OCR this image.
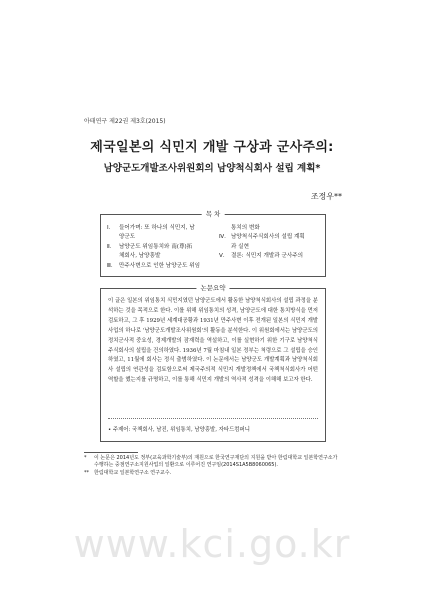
아태연구 제22권 제3호(2015)
제국일본의 식민지 개발 구상과 군사주의:
남양군도개발조사위원회의 남양척식회사 설립 계획*
조정우**
목 차
Ⅰ.	들어가며: 또 하나의 식민지, 남
양군도
Ⅱ.	남양군도 위임통치와 南(尊)拓
체회사, 남양흥발
Ⅲ.	만주사변으로 인한 남양군도 위임
통치의 변화
Ⅳ. 남양척식주식회사의 설립 계획
과 실현
Ⅴ.	결론: 식민지 개발과 군사주의
논문요약
이 글은 일본의 위임통치 식민지였던 남양군도에서 활동한 남양척식회사의 설립 과정을 분석하는 것을 목적으로 한다. 이를 위해 위임통치의 성격, 남양군도에 대한 통치방식을 먼저 검토하고, 그 후 1929년 세계대공황과 1931년 만주사변 이후 전개된 일본의 식민지 개발 사업의 하나로 '남양군도개발조사위원회'의 활동을 분석한다. 이 위원회에서는 남양군도의 정치군사적 중요성, 경제개발의 잠재력을 역설하고, 이를 실현하기 위한 기구로 남양척식주식회사의 설립을 건의하였다. 1936년 7월 마침내 일본 정부는 척령으로 그 설립을 승인하였고, 11월에 회사는 정식 출범하였다. 이 논문에서는 남양군도 개발계획과 남양척식회사 설립의 연관성을 검토함으로써 제국주의적 식민지 개발정책에서 국책척식회사가 어떤 역할을 했는지를 규명하고, 이를 통해 식민지 개발의 역사적 성격을 이해해 보고자 한다.
• 주제어: 국책회사, 남진, 위임통치, 남양흥발, 자타드컴퍼니
*	이 논문은 2014년도 정부(교육과학기술부)의 재원으로 한국연구재단의 지원을 받아 한림대학교 일본학연구소가 수행하는 중점연구소지원사업의 일환으로 이루어진 연구임(2014S1A5B8060065).
**	한림대학교 일본학연구소 연구교수.
www.kci.go.kr
